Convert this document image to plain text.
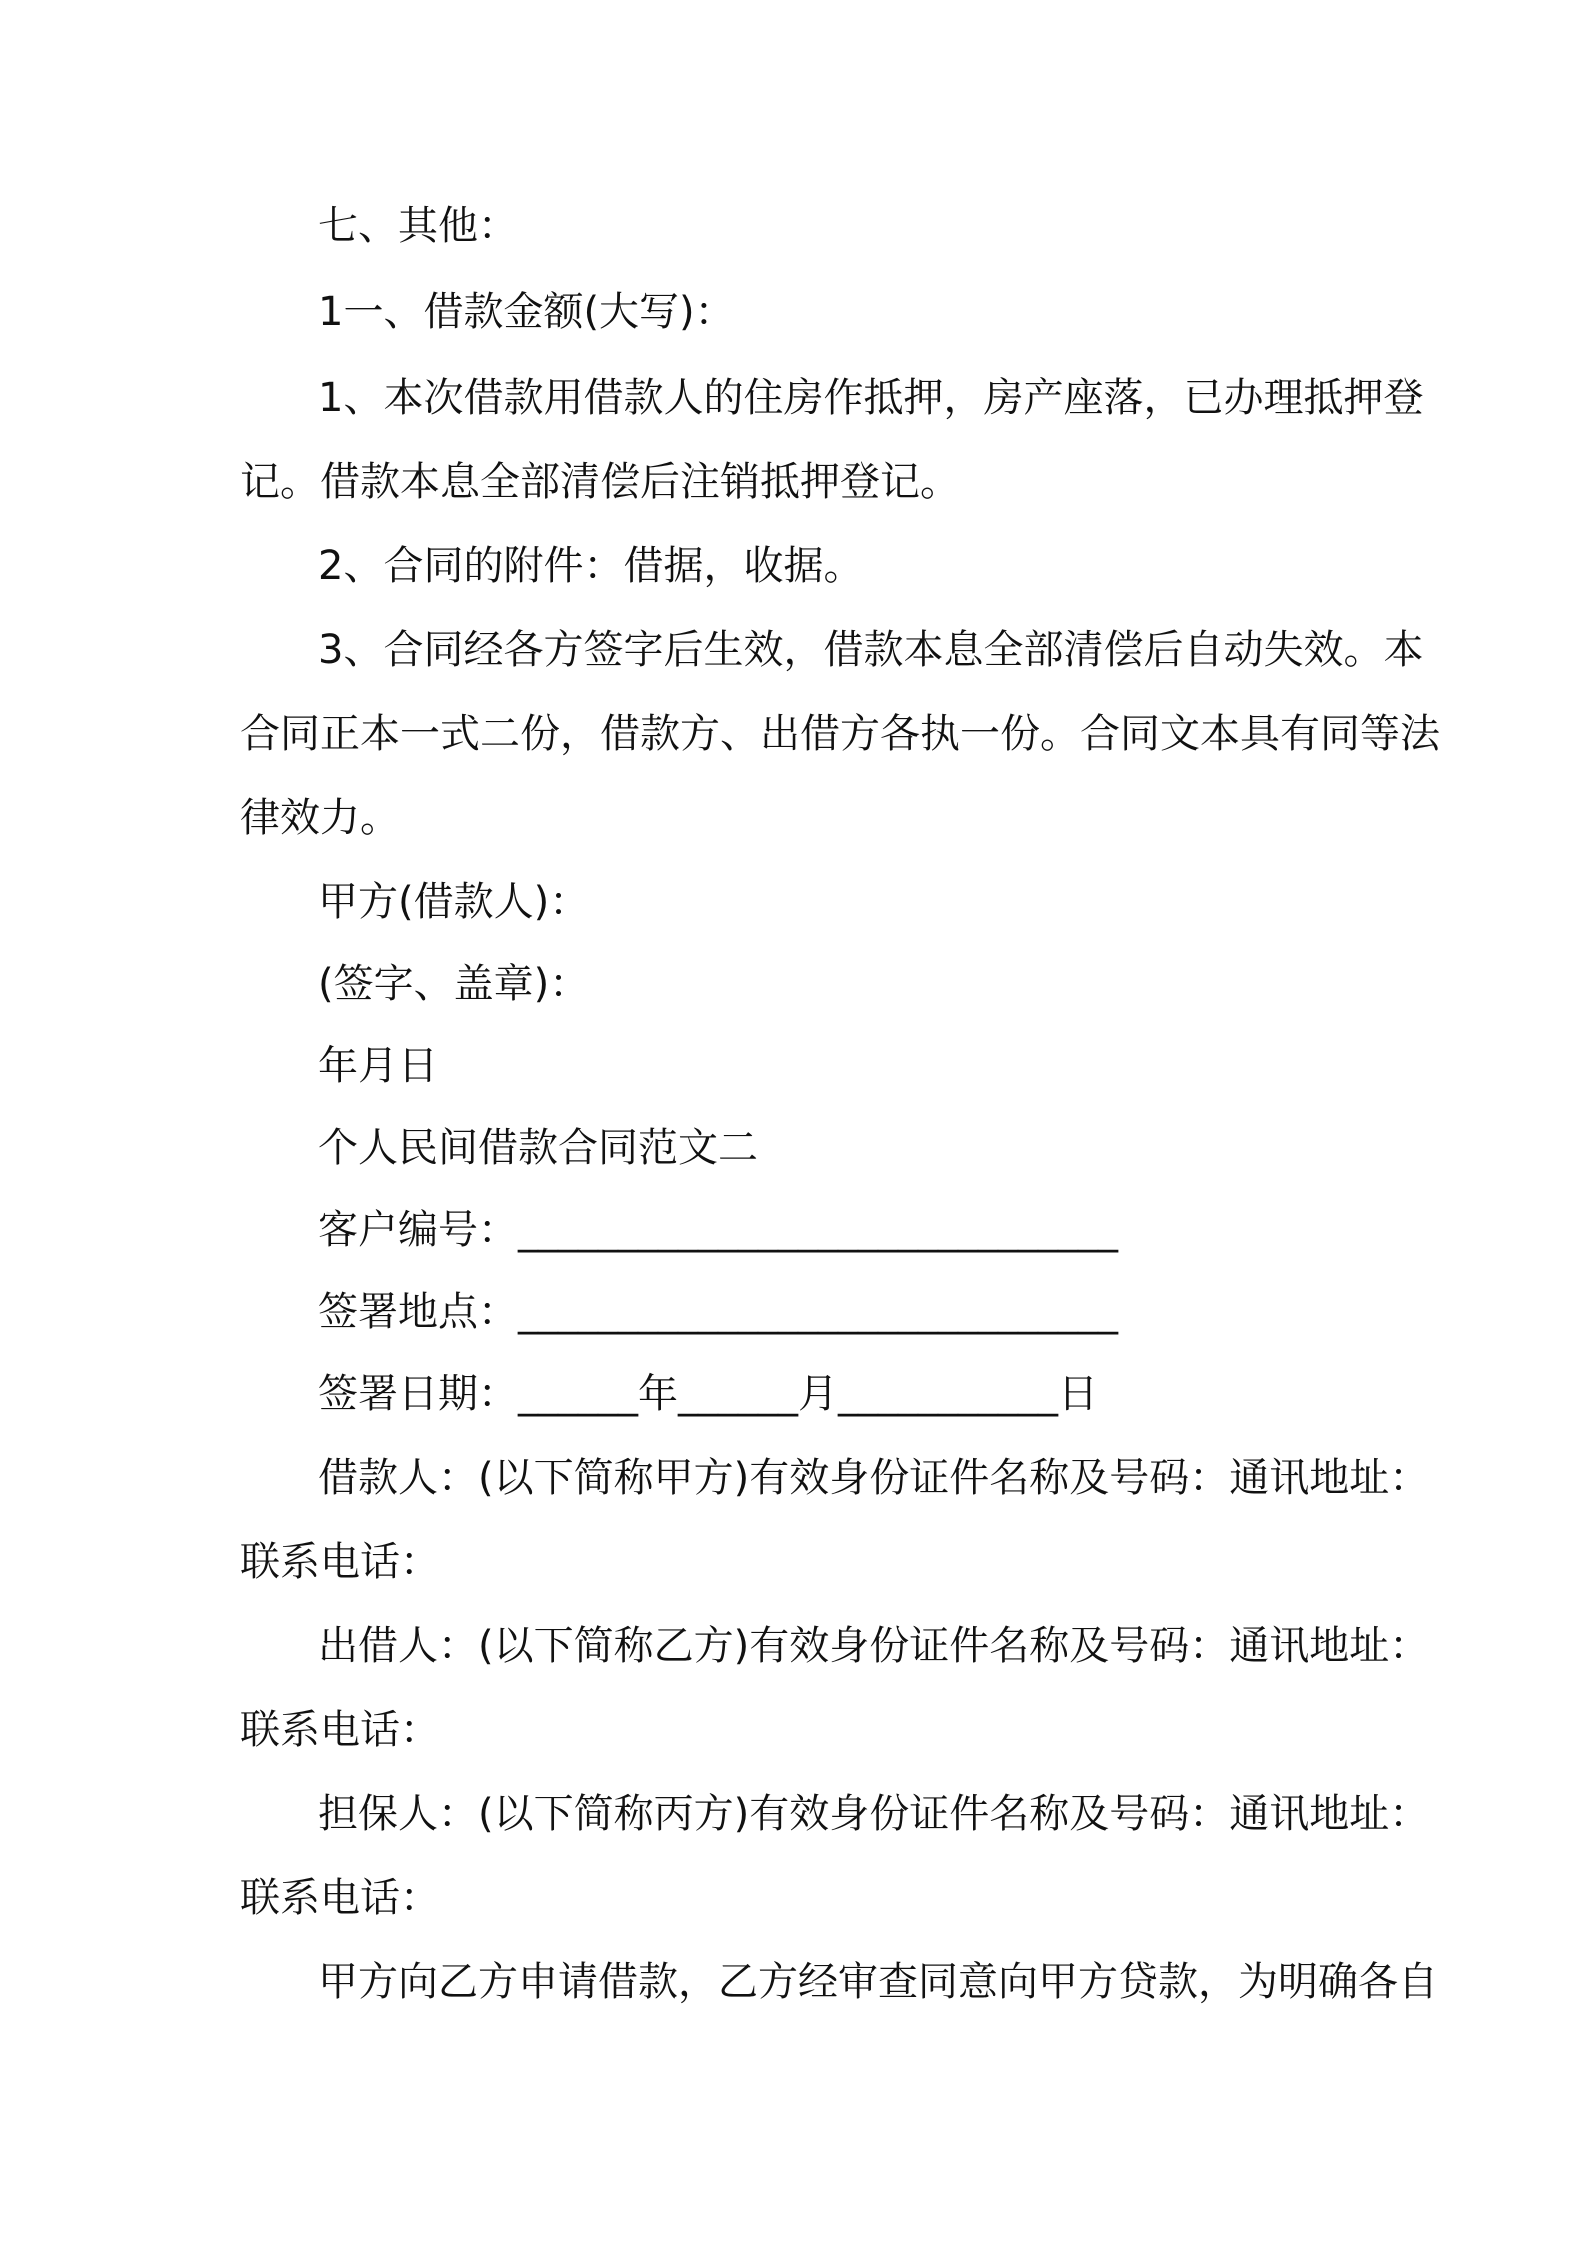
七、其他：
1一、借款金额(大写)：
1、本次借款用借款人的住房作抵押，房产座落，已办理抵押登
记。借款本息全部清偿后注销抵押登记。
2、合同的附件：借据，收据。
3、合同经各方签字后生效，借款本息全部清偿后自动失效。本
合同正本一式二份，借款方、出借方各执一份。合同文本具有同等法
律效力。
甲方(借款人)：
(签字、盖章)：
年月日
个人民间借款合同范文二
客户编号：______________________________
签署地点：______________________________
签署日期：______年______月___________日
借款人：(以下简称甲方)有效身份证件名称及号码：通讯地址：
联系电话：
出借人：(以下简称乙方)有效身份证件名称及号码：通讯地址：
联系电话：
担保人：(以下简称丙方)有效身份证件名称及号码：通讯地址：
联系电话：
甲方向乙方申请借款，乙方经审查同意向甲方贷款，为明确各自
